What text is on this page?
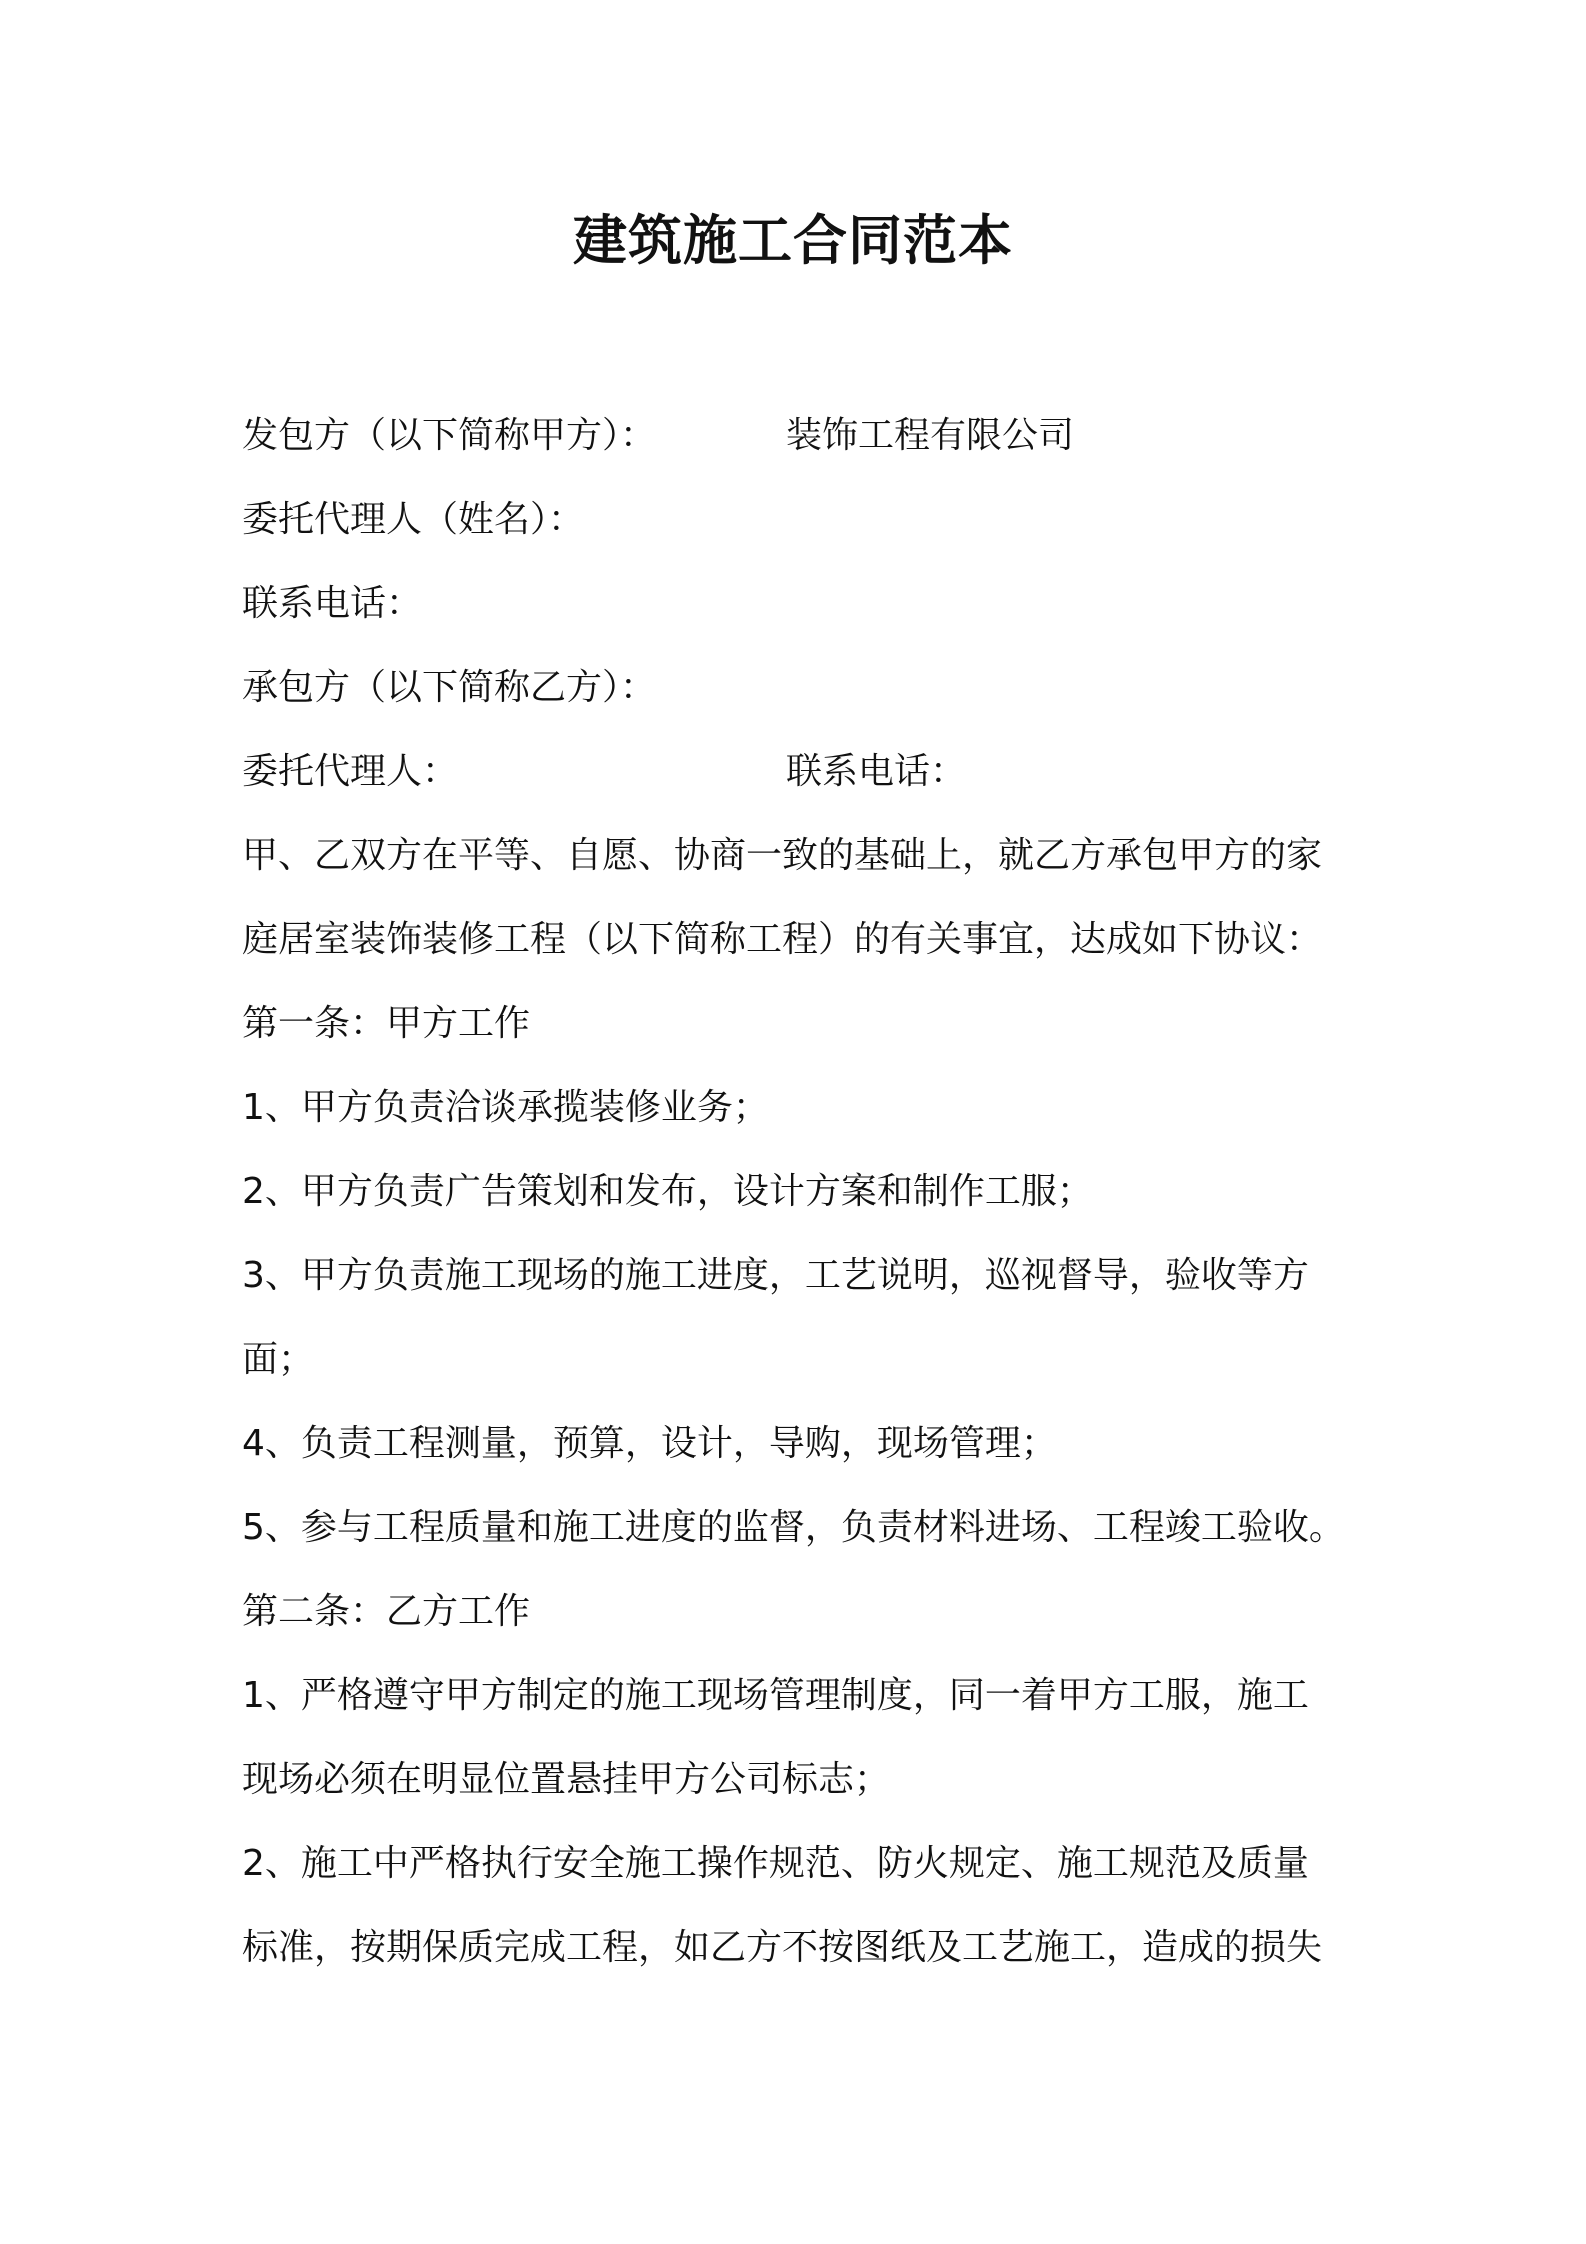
建筑施工合同范本
发包方（以下简称甲方）：	装饰工程有限公司
委托代理人（姓名）：
联系电话：
承包方（以下简称乙方）：
委托代理人：	联系电话：
甲、乙双方在平等、自愿、协商一致的基础上，就乙方承包甲方的家
庭居室装饰装修工程（以下简称工程）的有关事宜，达成如下协议：
第一条：甲方工作
1、甲方负责洽谈承揽装修业务；
2、甲方负责广告策划和发布，设计方案和制作工服；
3、甲方负责施工现场的施工进度，工艺说明，巡视督导，验收等方
面；
4、负责工程测量，预算，设计，导购，现场管理；
5、参与工程质量和施工进度的监督，负责材料进场、工程竣工验收。
第二条：乙方工作
1、严格遵守甲方制定的施工现场管理制度，同一着甲方工服，施工
现场必须在明显位置悬挂甲方公司标志；
2、施工中严格执行安全施工操作规范、防火规定、施工规范及质量
标准，按期保质完成工程，如乙方不按图纸及工艺施工，造成的损失
